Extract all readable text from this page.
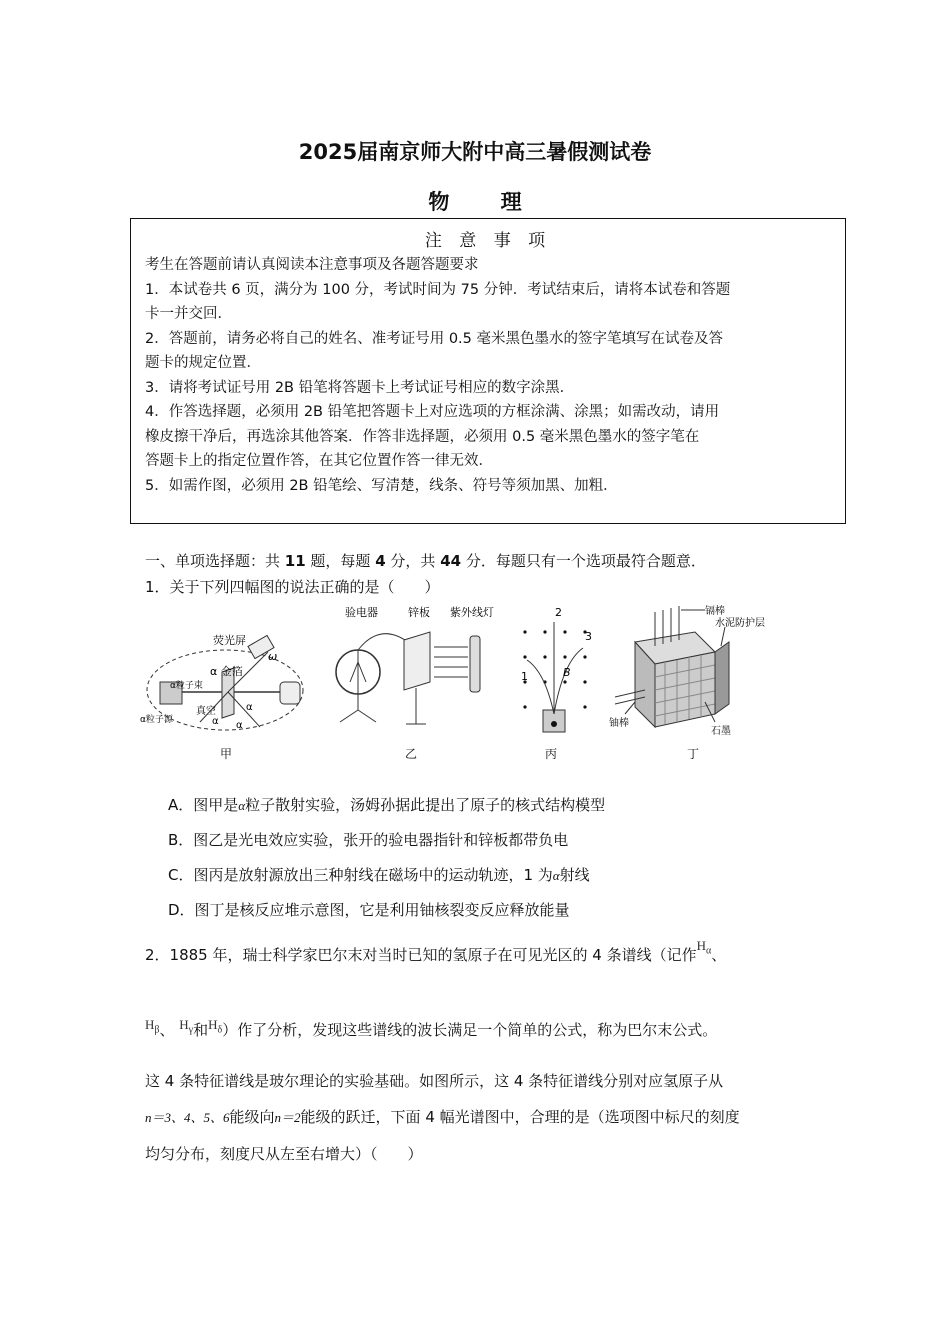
2025届南京师大附中高三暑假测试卷
物 理
注 意 事 项
考生在答题前请认真阅读本注意事项及各题答题要求
1．本试卷共 6 页，满分为 100 分，考试时间为 75 分钟．考试结束后，请将本试卷和答题
卡一并交回．
2．答题前，请务必将自己的姓名、准考证号用 0.5 毫米黑色墨水的签字笔填写在试卷及答
题卡的规定位置．
3．请将考试证号用 2B 铅笔将答题卡上考试证号相应的数字涂黑．
4．作答选择题，必须用 2B 铅笔把答题卡上对应选项的方框涂满、涂黑；如需改动，请用
橡皮擦干净后，再选涂其他答案．作答非选择题，必须用 0.5 毫米黑色墨水的签字笔在
答题卡上的指定位置作答，在其它位置作答一律无效．
5．如需作图，必须用 2B 铅笔绘、写清楚，线条、符号等须加黑、加粗．
一、单项选择题：共 11 题，每题 4 分，共 44 分．每题只有一个选项最符合题意．
1．关于下列四幅图的说法正确的是（　　）
荧光屏
ω
α 金箔
α粒子束
真空
α
α
α
α粒子源
甲
验电器	锌板 紫外线灯
乙
2
3
1	B
丙
镉棒
水泥防护层
铀棒
石墨
丁
A．图甲是α粒子散射实验，汤姆孙据此提出了原子的核式结构模型
B．图乙是光电效应实验，张开的验电器指针和锌板都带负电
C．图丙是放射源放出三种射线在磁场中的运动轨迹，1 为α射线
D．图丁是核反应堆示意图，它是利用铀核裂变反应释放能量
2．1885 年，瑞士科学家巴尔末对当时已知的氢原子在可见光区的 4 条谱线（记作$H_\alpha$、
$H_\beta$、 $H_\gamma$和$H_\delta$）作了分析，发现这些谱线的波长满足一个简单的公式，称为巴尔末公式。
这 4 条特征谱线是玻尔理论的实验基础。如图所示，这 4 条特征谱线分别对应氢原子从
n＝3、4、5、6能级向n＝2能级的跃迁，下面 4 幅光谱图中，合理的是（选项图中标尺的刻度
均匀分布，刻度尺从左至右增大）（　　）
